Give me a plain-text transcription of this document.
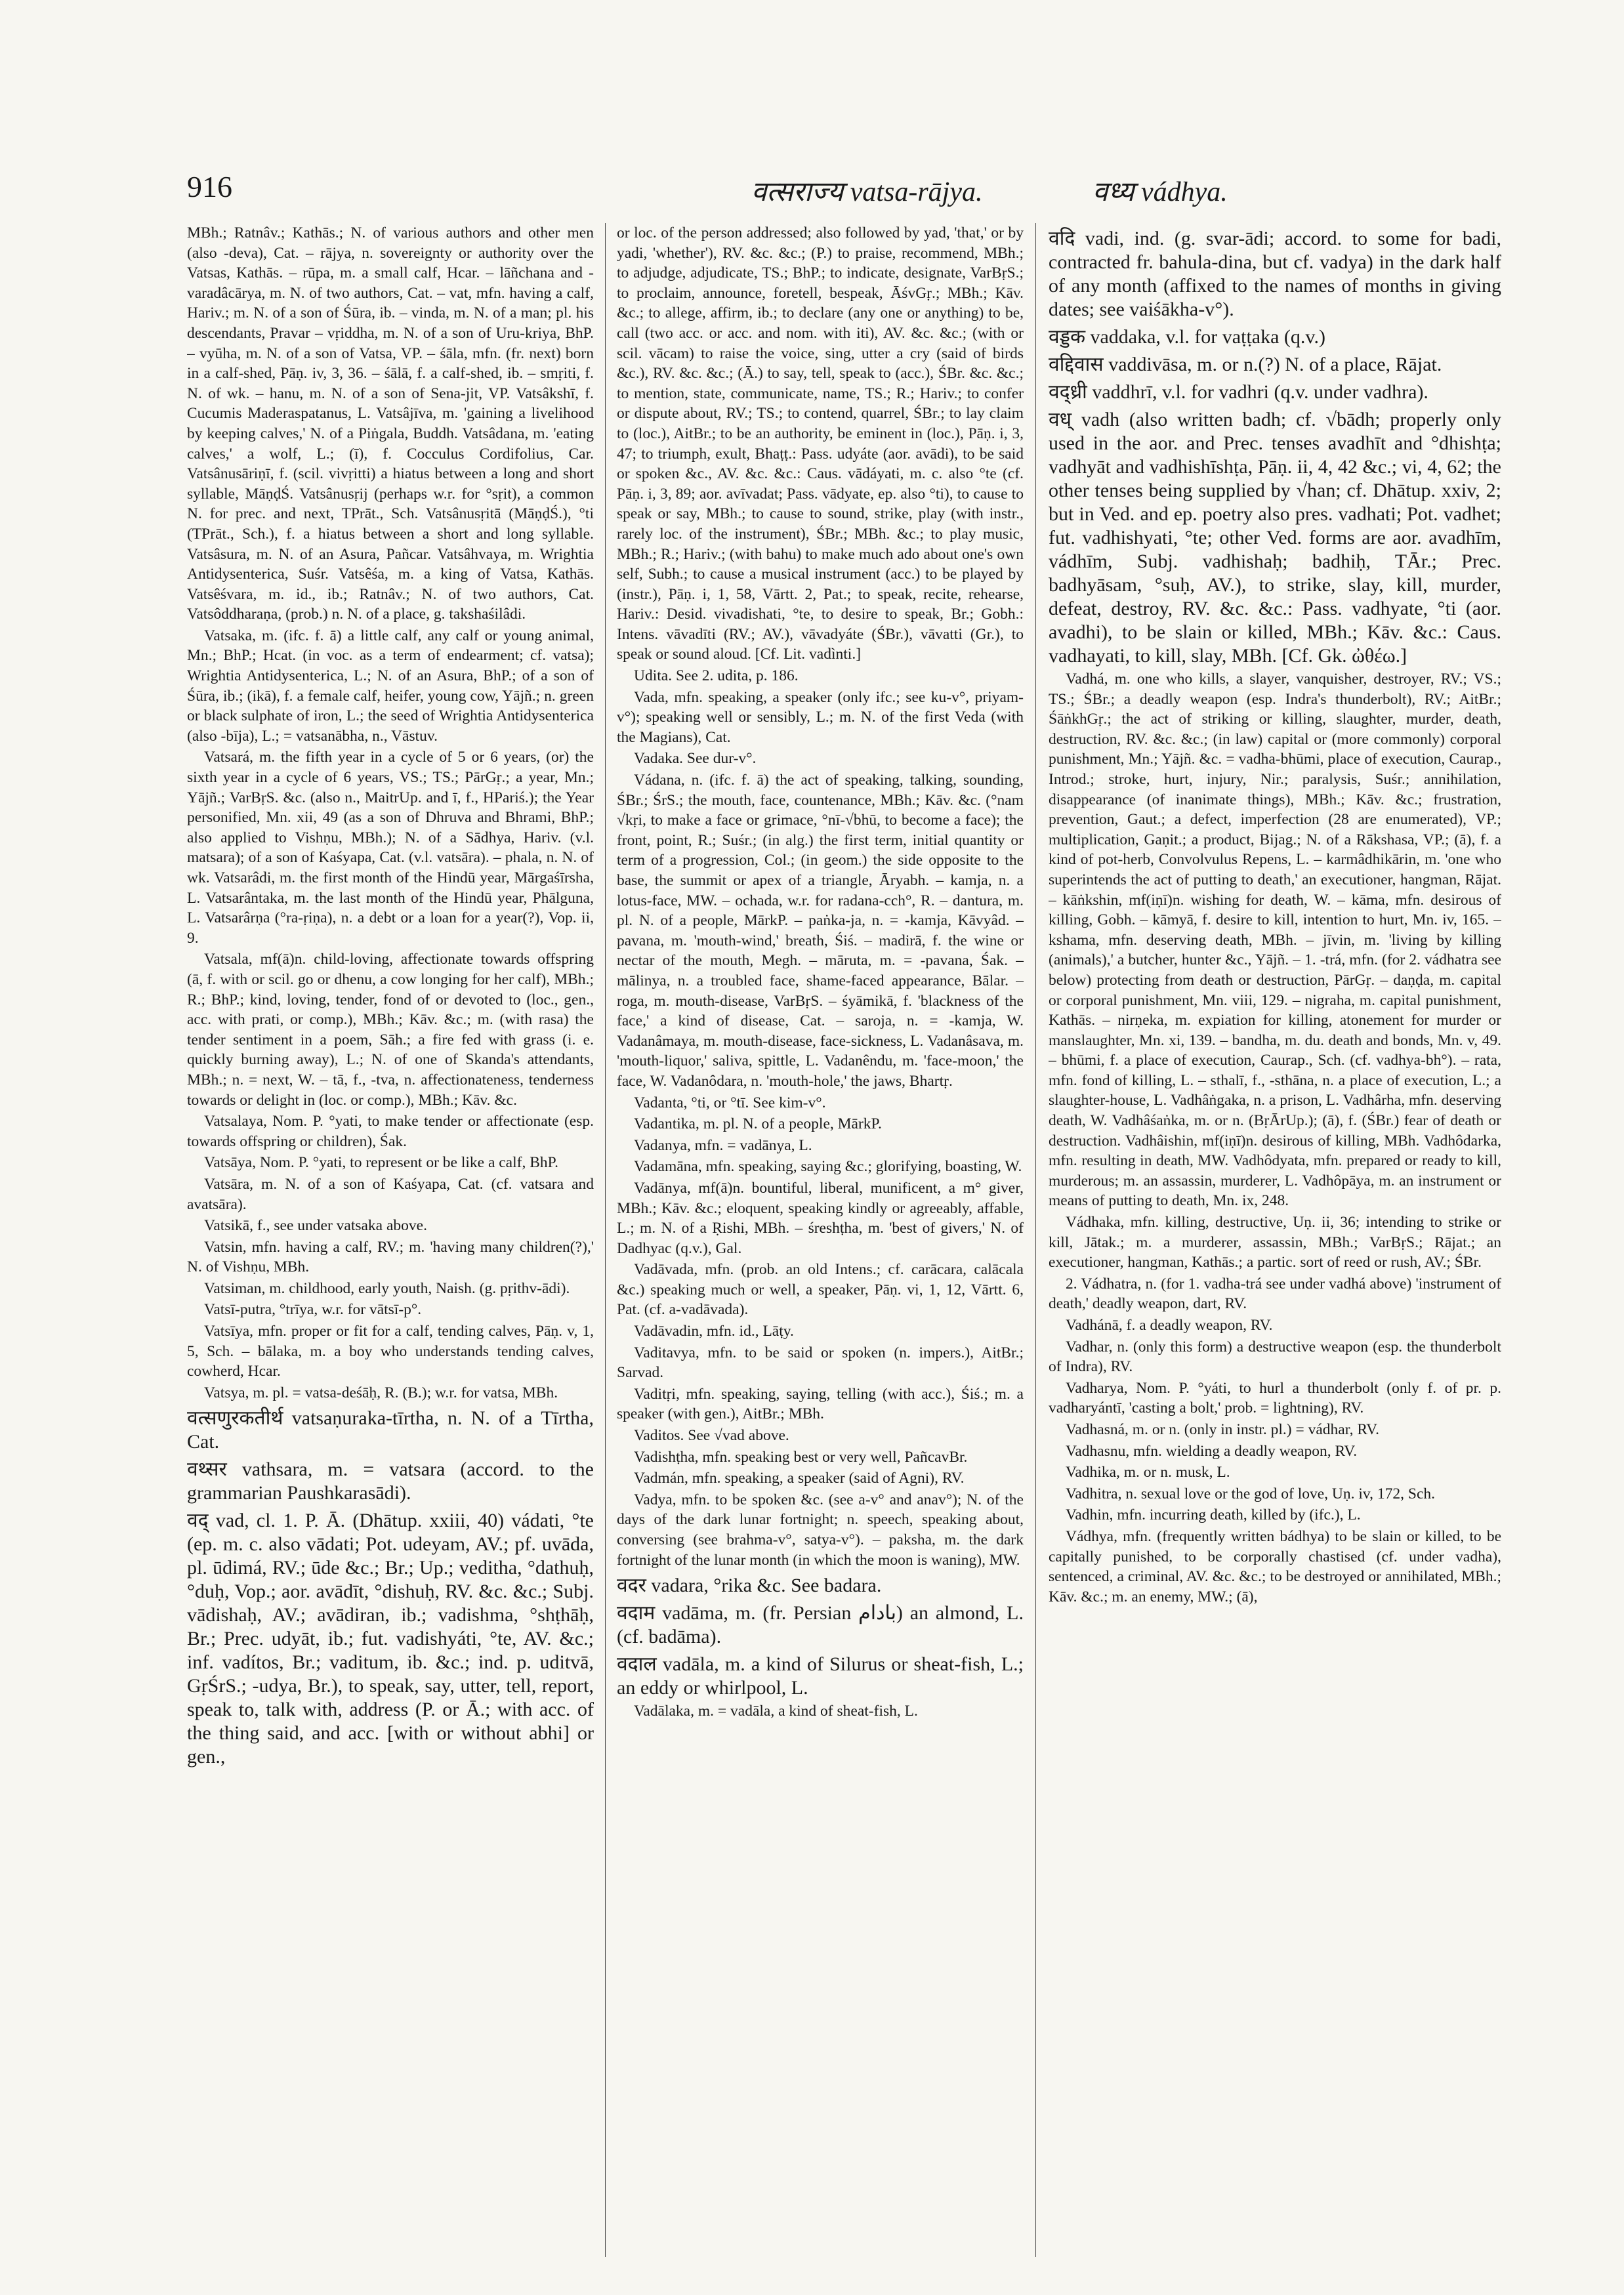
916	वत्सराज्य vatsa-rājya.	वध्य vádhya.

MBh.; Ratnâv.; Kathās.; N. of various authors and other men (also -deva), Cat. – rājya, n. sovereignty or authority over the Vatsas, Kathās. – rūpa, m. a small calf, Hcar. – lāñchana and -varadâcārya, m. N. of two authors, Cat. – vat, mfn. having a calf, Hariv.; m. N. of a son of Śūra, ib. – vinda, m. N. of a man; pl. his descendants, Pravar – vṛiddha, m. N. of a son of Uru-kriya, BhP. – vyūha, m. N. of a son of Vatsa, VP. – śāla, mfn. (fr. next) born in a calf-shed, Pāṇ. iv, 3, 36. – śālā, f. a calf-shed, ib. – smṛiti, f. N. of wk. – hanu, m. N. of a son of Sena-jit, VP. Vatsâkshī, f. Cucumis Maderaspatanus, L. Vatsâjīva, m. 'gaining a livelihood by keeping calves,' N. of a Piṅgala, Buddh. Vatsâdana, m. 'eating calves,' a wolf, L.; (ī), f. Cocculus Cordifolius, Car. Vatsânusāriṇī, f. (scil. vivṛitti) a hiatus between a long and short syllable, MāṇḍŚ. Vatsânusṛij (perhaps w.r. for °sṛit), a common N. for prec. and next, TPrāt., Sch. Vatsânusṛitā (MāṇḍŚ.), °ti (TPrāt., Sch.), f. a hiatus between a short and long syllable. Vatsâsura, m. N. of an Asura, Pañcar. Vatsâhvaya, m. Wrightia Antidysenterica, Suśr. Vatsêśa, m. a king of Vatsa, Kathās. Vatsêśvara, m. id., ib.; Ratnâv.; N. of two authors, Cat. Vatsôddharaṇa, (prob.) n. N. of a place, g. takshaśilâdi.

Vatsaka, m. (ifc. f. ā) a little calf, any calf or young animal, Mn.; BhP.; Hcat. (in voc. as a term of endearment; cf. vatsa); Wrightia Antidysenterica, L.; N. of an Asura, BhP.; of a son of Śūra, ib.; (ikā), f. a female calf, heifer, young cow, Yājñ.; n. green or black sulphate of iron, L.; the seed of Wrightia Antidysenterica (also -bīja), L.; = vatsanābha, n., Vāstuv.

Vatsará, m. the fifth year in a cycle of 5 or 6 years, (or) the sixth year in a cycle of 6 years, VS.; TS.; PārGṛ.; a year, Mn.; Yājñ.; VarBṛS. &c. (also n., MaitrUp. and ī, f., HPariś.); the Year personified, Mn. xii, 49 (as a son of Dhruva and Bhrami, BhP.; also applied to Vishṇu, MBh.); N. of a Sādhya, Hariv. (v.l. matsara); of a son of Kaśyapa, Cat. (v.l. vatsāra). – phala, n. N. of wk. Vatsarâdi, m. the first month of the Hindū year, Mārgaśīrsha, L. Vatsarântaka, m. the last month of the Hindū year, Phālguna, L. Vatsarârṇa (°ra-ṛiṇa), n. a debt or a loan for a year(?), Vop. ii, 9.

Vatsala, mf(ā)n. child-loving, affectionate towards offspring (ā, f. with or scil. go or dhenu, a cow longing for her calf), MBh.; R.; BhP.; kind, loving, tender, fond of or devoted to (loc., gen., acc. with prati, or comp.), MBh.; Kāv. &c.; m. (with rasa) the tender sentiment in a poem, Sāh.; a fire fed with grass (i. e. quickly burning away), L.; N. of one of Skanda's attendants, MBh.; n. = next, W. – tā, f., -tva, n. affectionateness, tenderness towards or delight in (loc. or comp.), MBh.; Kāv. &c.

Vatsalaya, Nom. P. °yati, to make tender or affectionate (esp. towards offspring or children), Śak.

Vatsāya, Nom. P. °yati, to represent or be like a calf, BhP.

Vatsāra, m. N. of a son of Kaśyapa, Cat. (cf. vatsara and avatsāra).

Vatsikā, f., see under vatsaka above.

Vatsin, mfn. having a calf, RV.; m. 'having many children(?),' N. of Vishṇu, MBh.

Vatsiman, m. childhood, early youth, Naish. (g. pṛithv-ādi).

Vatsī-putra, °trīya, w.r. for vātsī-p°.

Vatsīya, mfn. proper or fit for a calf, tending calves, Pāṇ. v, 1, 5, Sch. – bālaka, m. a boy who understands tending calves, cowherd, Hcar.

Vatsya, m. pl. = vatsa-deśāḥ, R. (B.); w.r. for vatsa, MBh.

वत्सणुरकतीर्थ vatsaṇuraka-tīrtha, n. N. of a Tīrtha, Cat.

वथ्सर vathsara, m. = vatsara (accord. to the grammarian Paushkarasādi).

वद् vad, cl. 1. P. Ā. (Dhātup. xxiii, 40) vádati, °te (ep. m. c. also vādati; Pot. udeyam, AV.; pf. uvāda, pl. ūdimá, RV.; ūde &c.; Br.; Up.; veditha, °dathuḥ, °duḥ, Vop.; aor. avādīt, °dishuḥ, RV. &c. &c.; Subj. vādishaḥ, AV.; avādiran, ib.; vadishma, °shṭhāḥ, Br.; Prec. udyāt, ib.; fut. vadishyáti, °te, AV. &c.; inf. vadítos, Br.; vaditum, ib. &c.; ind. p. uditvā, GṛŚrS.; -udya, Br.), to speak, say, utter, tell, report, speak to, talk with, address (P. or Ā.; with acc. of the thing said, and acc. [with or without abhi] or gen.,

or loc. of the person addressed; also followed by yad, 'that,' or by yadi, 'whether'), RV. &c. &c.; (P.) to praise, recommend, MBh.; to adjudge, adjudicate, TS.; BhP.; to indicate, designate, VarBṛS.; to proclaim, announce, foretell, bespeak, ĀśvGṛ.; MBh.; Kāv. &c.; to allege, affirm, ib.; to declare (any one or anything) to be, call (two acc. or acc. and nom. with iti), AV. &c. &c.; (with or scil. vācam) to raise the voice, sing, utter a cry (said of birds &c.), RV. &c. &c.; (Ā.) to say, tell, speak to (acc.), ŚBr. &c. &c.; to mention, state, communicate, name, TS.; R.; Hariv.; to confer or dispute about, RV.; TS.; to contend, quarrel, ŚBr.; to lay claim to (loc.), AitBr.; to be an authority, be eminent in (loc.), Pāṇ. i, 3, 47; to triumph, exult, Bhaṭṭ.: Pass. udyáte (aor. avādi), to be said or spoken &c., AV. &c. &c.: Caus. vādáyati, m. c. also °te (cf. Pāṇ. i, 3, 89; aor. avīvadat; Pass. vādyate, ep. also °ti), to cause to speak or say, MBh.; to cause to sound, strike, play (with instr., rarely loc. of the instrument), ŚBr.; MBh. &c.; to play music, MBh.; R.; Hariv.; (with bahu) to make much ado about one's own self, Subh.; to cause a musical instrument (acc.) to be played by (instr.), Pāṇ. i, 1, 58, Vārtt. 2, Pat.; to speak, recite, rehearse, Hariv.: Desid. vivadishati, °te, to desire to speak, Br.; Gobh.: Intens. vāvadīti (RV.; AV.), vāvadyáte (ŚBr.), vāvatti (Gr.), to speak or sound aloud. [Cf. Lit. vadìnti.]

Udita. See 2. udita, p. 186.

Vada, mfn. speaking, a speaker (only ifc.; see ku-v°, priyam-v°); speaking well or sensibly, L.; m. N. of the first Veda (with the Magians), Cat.

Vadaka. See dur-v°.

Vádana, n. (ifc. f. ā) the act of speaking, talking, sounding, ŚBr.; ŚrS.; the mouth, face, countenance, MBh.; Kāv. &c. (°nam √kṛi, to make a face or grimace, °nī-√bhū, to become a face); the front, point, R.; Suśr.; (in alg.) the first term, initial quantity or term of a progression, Col.; (in geom.) the side opposite to the base, the summit or apex of a triangle, Āryabh. – kamja, n. a lotus-face, MW. – ochada, w.r. for radana-cch°, R. – dantura, m. pl. N. of a people, MārkP. – paṅka-ja, n. = -kamja, Kāvyâd. – pavana, m. 'mouth-wind,' breath, Śiś. – madirā, f. the wine or nectar of the mouth, Megh. – māruta, m. = -pavana, Śak. – mālinya, n. a troubled face, shame-faced appearance, Bālar. – roga, m. mouth-disease, VarBṛS. – śyāmikā, f. 'blackness of the face,' a kind of disease, Cat. – saroja, n. = -kamja, W. Vadanâmaya, m. mouth-disease, face-sickness, L. Vadanâsava, m. 'mouth-liquor,' saliva, spittle, L. Vadanêndu, m. 'face-moon,' the face, W. Vadanôdara, n. 'mouth-hole,' the jaws, Bhartṛ.

Vadanta, °ti, or °tī. See kim-v°.

Vadantika, m. pl. N. of a people, MārkP.

Vadanya, mfn. = vadānya, L.

Vadamāna, mfn. speaking, saying &c.; glorifying, boasting, W.

Vadānya, mf(ā)n. bountiful, liberal, munificent, a m° giver, MBh.; Kāv. &c.; eloquent, speaking kindly or agreeably, affable, L.; m. N. of a Ṛishi, MBh. – śreshṭha, m. 'best of givers,' N. of Dadhyac (q.v.), Gal.

Vadāvada, mfn. (prob. an old Intens.; cf. carācara, calācala &c.) speaking much or well, a speaker, Pāṇ. vi, 1, 12, Vārtt. 6, Pat. (cf. a-vadāvada).

Vadāvadin, mfn. id., Lāṭy.

Vaditavya, mfn. to be said or spoken (n. impers.), AitBr.; Sarvad.

Vaditṛi, mfn. speaking, saying, telling (with acc.), Śiś.; m. a speaker (with gen.), AitBr.; MBh.

Vaditos. See √vad above.

Vadishṭha, mfn. speaking best or very well, PañcavBr.

Vadmán, mfn. speaking, a speaker (said of Agni), RV.

Vadya, mfn. to be spoken &c. (see a-v° and anav°); N. of the days of the dark lunar fortnight; n. speech, speaking about, conversing (see brahma-v°, satya-v°). – paksha, m. the dark fortnight of the lunar month (in which the moon is waning), MW.

वदर vadara, °rika &c. See badara.

वदाम vadāma, m. (fr. Persian بادام) an almond, L. (cf. badāma).

वदाल vadāla, m. a kind of Silurus or sheat-fish, L.; an eddy or whirlpool, L.

Vadālaka, m. = vadāla, a kind of sheat-fish, L.

वदि vadi, ind. (g. svar-ādi; accord. to some for badi, contracted fr. bahula-dina, but cf. vadya) in the dark half of any month (affixed to the names of months in giving dates; see vaiśākha-v°).

वड्डक vaddaka, v.l. for vaṭṭaka (q.v.)

वद्दिवास vaddivāsa, m. or n.(?) N. of a place, Rājat.

वद्ध्री vaddhrī, v.l. for vadhri (q.v. under vadhra).

वध् vadh (also written badh; cf. √bādh; properly only used in the aor. and Prec. tenses avadhīt and °dhishṭa; vadhyāt and vadhishīshṭa, Pāṇ. ii, 4, 42 &c.; vi, 4, 62; the other tenses being supplied by √han; cf. Dhātup. xxiv, 2; but in Ved. and ep. poetry also pres. vadhati; Pot. vadhet; fut. vadhishyati, °te; other Ved. forms are aor. avadhīm, vádhīm, Subj. vadhishaḥ; badhiḥ, TĀr.; Prec. badhyāsam, °suḥ, AV.), to strike, slay, kill, murder, defeat, destroy, RV. &c. &c.: Pass. vadhyate, °ti (aor. avadhi), to be slain or killed, MBh.; Kāv. &c.: Caus. vadhayati, to kill, slay, MBh. [Cf. Gk. ὠθέω.]

Vadhá, m. one who kills, a slayer, vanquisher, destroyer, RV.; VS.; TS.; ŚBr.; a deadly weapon (esp. Indra's thunderbolt), RV.; AitBr.; ŚāṅkhGṛ.; the act of striking or killing, slaughter, murder, death, destruction, RV. &c. &c.; (in law) capital or (more commonly) corporal punishment, Mn.; Yājñ. &c. = vadha-bhūmi, place of execution, Caurap., Introd.; stroke, hurt, injury, Nir.; paralysis, Suśr.; annihilation, disappearance (of inanimate things), MBh.; Kāv. &c.; frustration, prevention, Gaut.; a defect, imperfection (28 are enumerated), VP.; multiplication, Gaṇit.; a product, Bijag.; N. of a Rākshasa, VP.; (ā), f. a kind of pot-herb, Convolvulus Repens, L. – karmâdhikārin, m. 'one who superintends the act of putting to death,' an executioner, hangman, Rājat. – kāṅkshin, mf(iṇī)n. wishing for death, W. – kāma, mfn. desirous of killing, Gobh. – kāmyā, f. desire to kill, intention to hurt, Mn. iv, 165. – kshama, mfn. deserving death, MBh. – jīvin, m. 'living by killing (animals),' a butcher, hunter &c., Yājñ. – 1. -trá, mfn. (for 2. vádhatra see below) protecting from death or destruction, PārGṛ. – daṇḍa, m. capital or corporal punishment, Mn. viii, 129. – nigraha, m. capital punishment, Kathās. – nirṇeka, m. expiation for killing, atonement for murder or manslaughter, Mn. xi, 139. – bandha, m. du. death and bonds, Mn. v, 49. – bhūmi, f. a place of execution, Caurap., Sch. (cf. vadhya-bh°). – rata, mfn. fond of killing, L. – sthalī, f., -sthāna, n. a place of execution, L.; a slaughter-house, L. Vadhâṅgaka, n. a prison, L. Vadhârha, mfn. deserving death, W. Vadhâśaṅka, m. or n. (BṛĀrUp.); (ā), f. (ŚBr.) fear of death or destruction. Vadhâishin, mf(iṇī)n. desirous of killing, MBh. Vadhôdarka, mfn. resulting in death, MW. Vadhôdyata, mfn. prepared or ready to kill, murderous; m. an assassin, murderer, L. Vadhôpāya, m. an instrument or means of putting to death, Mn. ix, 248.

Vádhaka, mfn. killing, destructive, Uṇ. ii, 36; intending to strike or kill, Jātak.; m. a murderer, assassin, MBh.; VarBṛS.; Rājat.; an executioner, hangman, Kathās.; a partic. sort of reed or rush, AV.; ŚBr.

2. Vádhatra, n. (for 1. vadha-trá see under vadhá above) 'instrument of death,' deadly weapon, dart, RV.

Vadhánā, f. a deadly weapon, RV.

Vadhar, n. (only this form) a destructive weapon (esp. the thunderbolt of Indra), RV.

Vadharya, Nom. P. °yáti, to hurl a thunderbolt (only f. of pr. p. vadharyántī, 'casting a bolt,' prob. = lightning), RV.

Vadhasná, m. or n. (only in instr. pl.) = vádhar, RV.

Vadhasnu, mfn. wielding a deadly weapon, RV.

Vadhika, m. or n. musk, L.

Vadhitra, n. sexual love or the god of love, Uṇ. iv, 172, Sch.

Vadhin, mfn. incurring death, killed by (ifc.), L.

Vádhya, mfn. (frequently written bádhya) to be slain or killed, to be capitally punished, to be corporally chastised (cf. under vadha), sentenced, a criminal, AV. &c. &c.; to be destroyed or annihilated, MBh.; Kāv. &c.; m. an enemy, MW.; (ā),
